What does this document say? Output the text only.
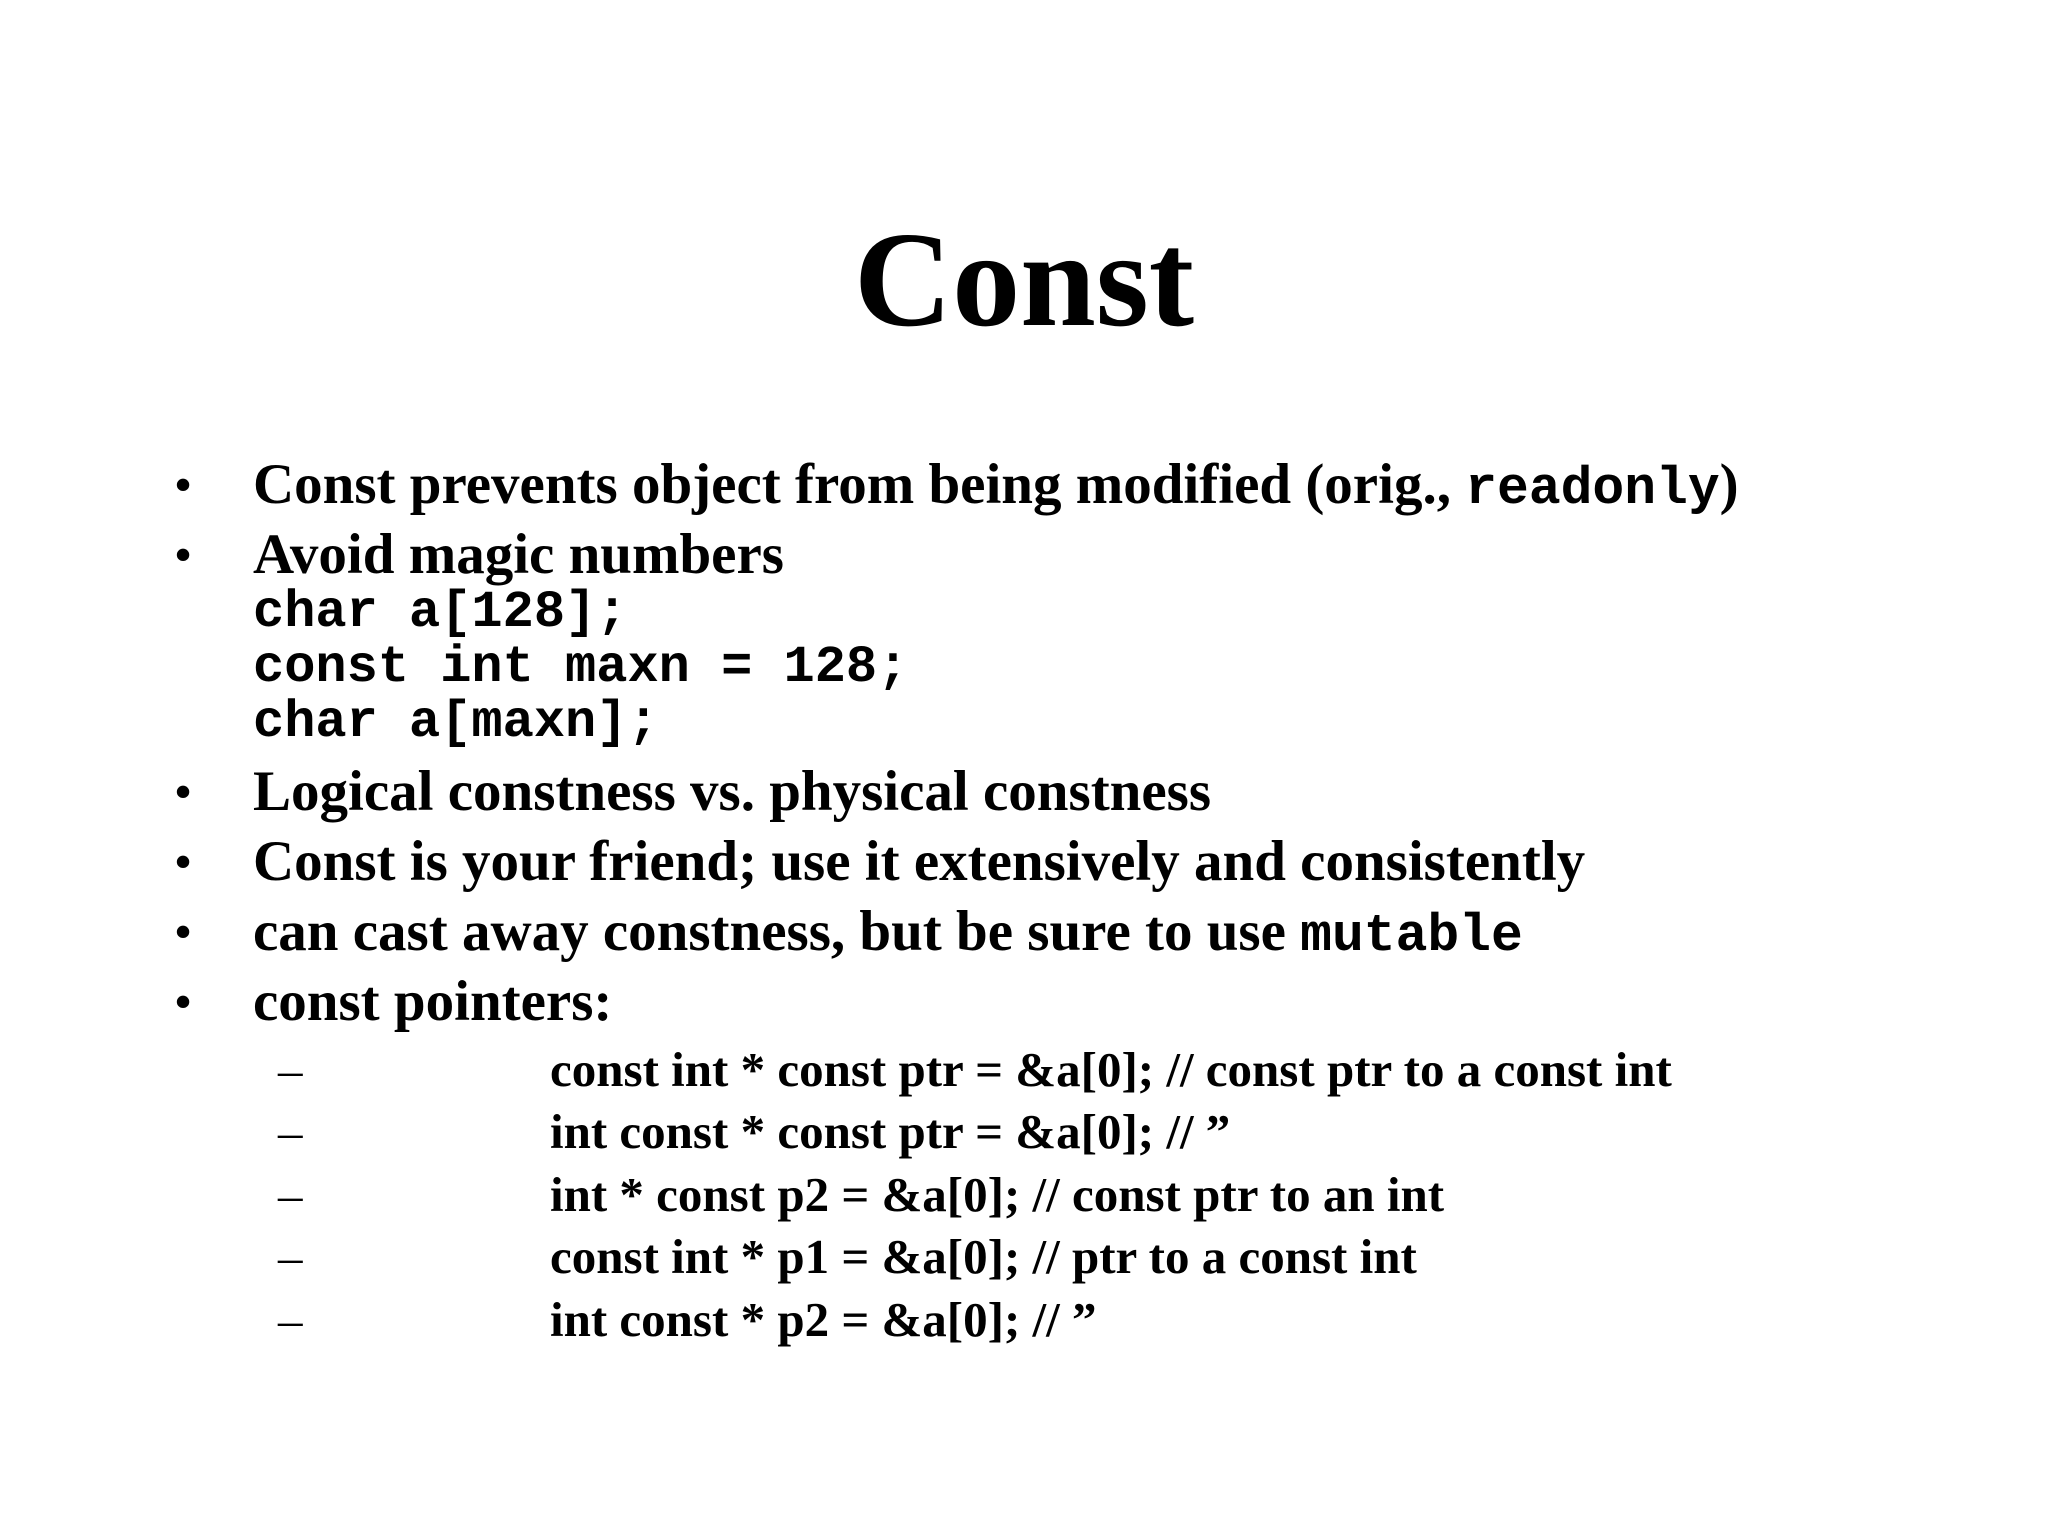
Const
• Const prevents object from being modified (orig., readonly)
• Avoid magic numbers
char a[128];
const int maxn = 128;
char a[maxn];
• Logical constness vs. physical constness
• Const is your friend; use it extensively and consistently
• can cast away constness, but be sure to use mutable
• const pointers:
–	const int * const ptr = &a[0]; // const ptr to a const int
–	int const * const ptr = &a[0]; // ”
–	int * const p2 = &a[0]; // const ptr to an int
–	const int * p1 = &a[0]; // ptr to a const int
–	int const * p2 = &a[0]; // ”
